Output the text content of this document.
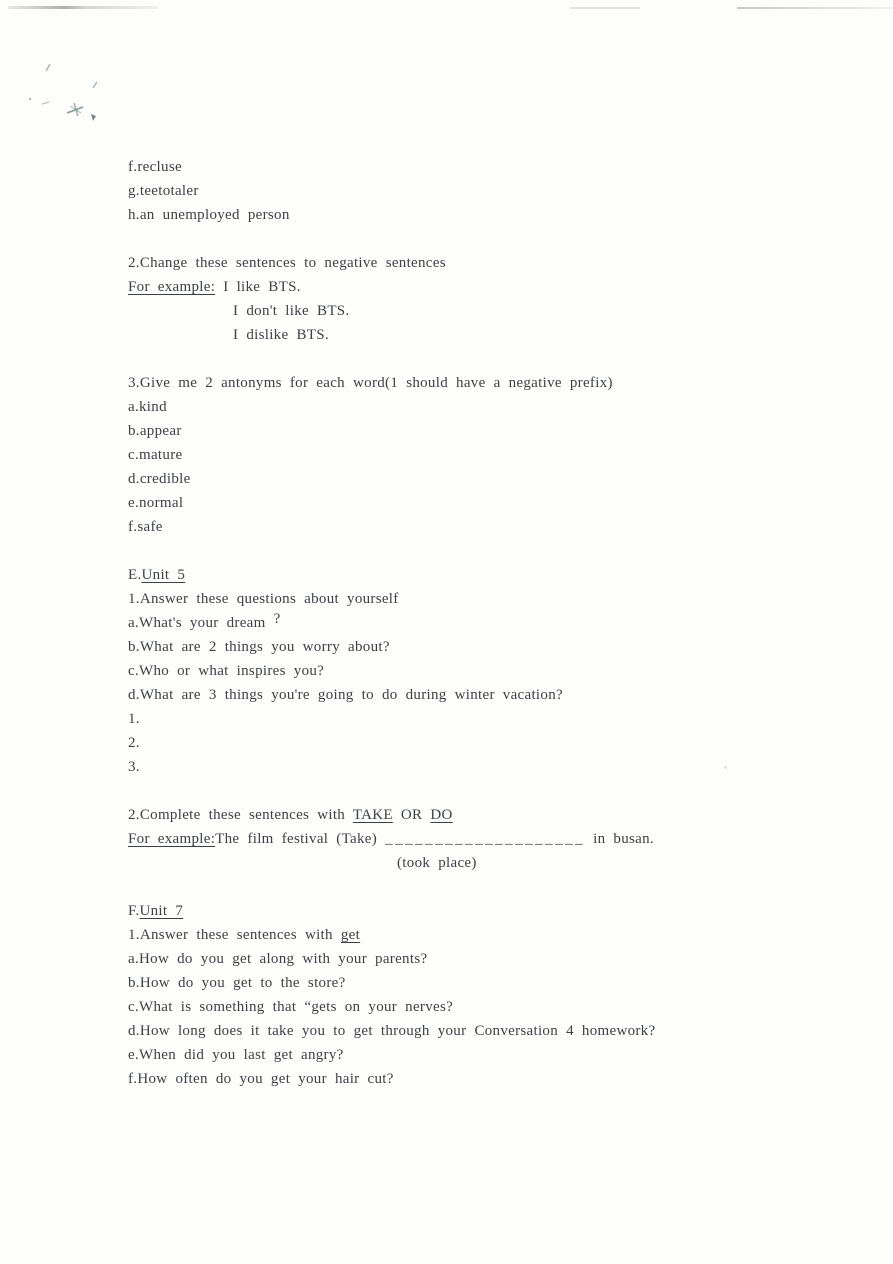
f.recluse
g.teetotaler
h.an unemployed person
2.Change these sentences to negative sentences
For example: I like BTS.
I don't like BTS.
I dislike BTS.
3.Give me 2 antonyms for each word(1 should have a negative prefix)
a.kind
b.appear
c.mature
d.credible
e.normal
f.safe
E.Unit 5
1.Answer these questions about yourself
a.What's your dream ?
b.What are 2 things you worry about?
c.Who or what inspires you?
d.What are 3 things you're going to do during winter vacation?
1.
2.
3.
2.Complete these sentences with TAKE OR DO
For example:The film festival (Take) ____________________ in busan.
(took place)
F.Unit 7
1.Answer these sentences with get
a.How do you get along with your parents?
b.How do you get to the store?
c.What is something that “gets on your nerves?
d.How long does it take you to get through your Conversation 4 homework?
e.When did you last get angry?
f.How often do you get your hair cut?
